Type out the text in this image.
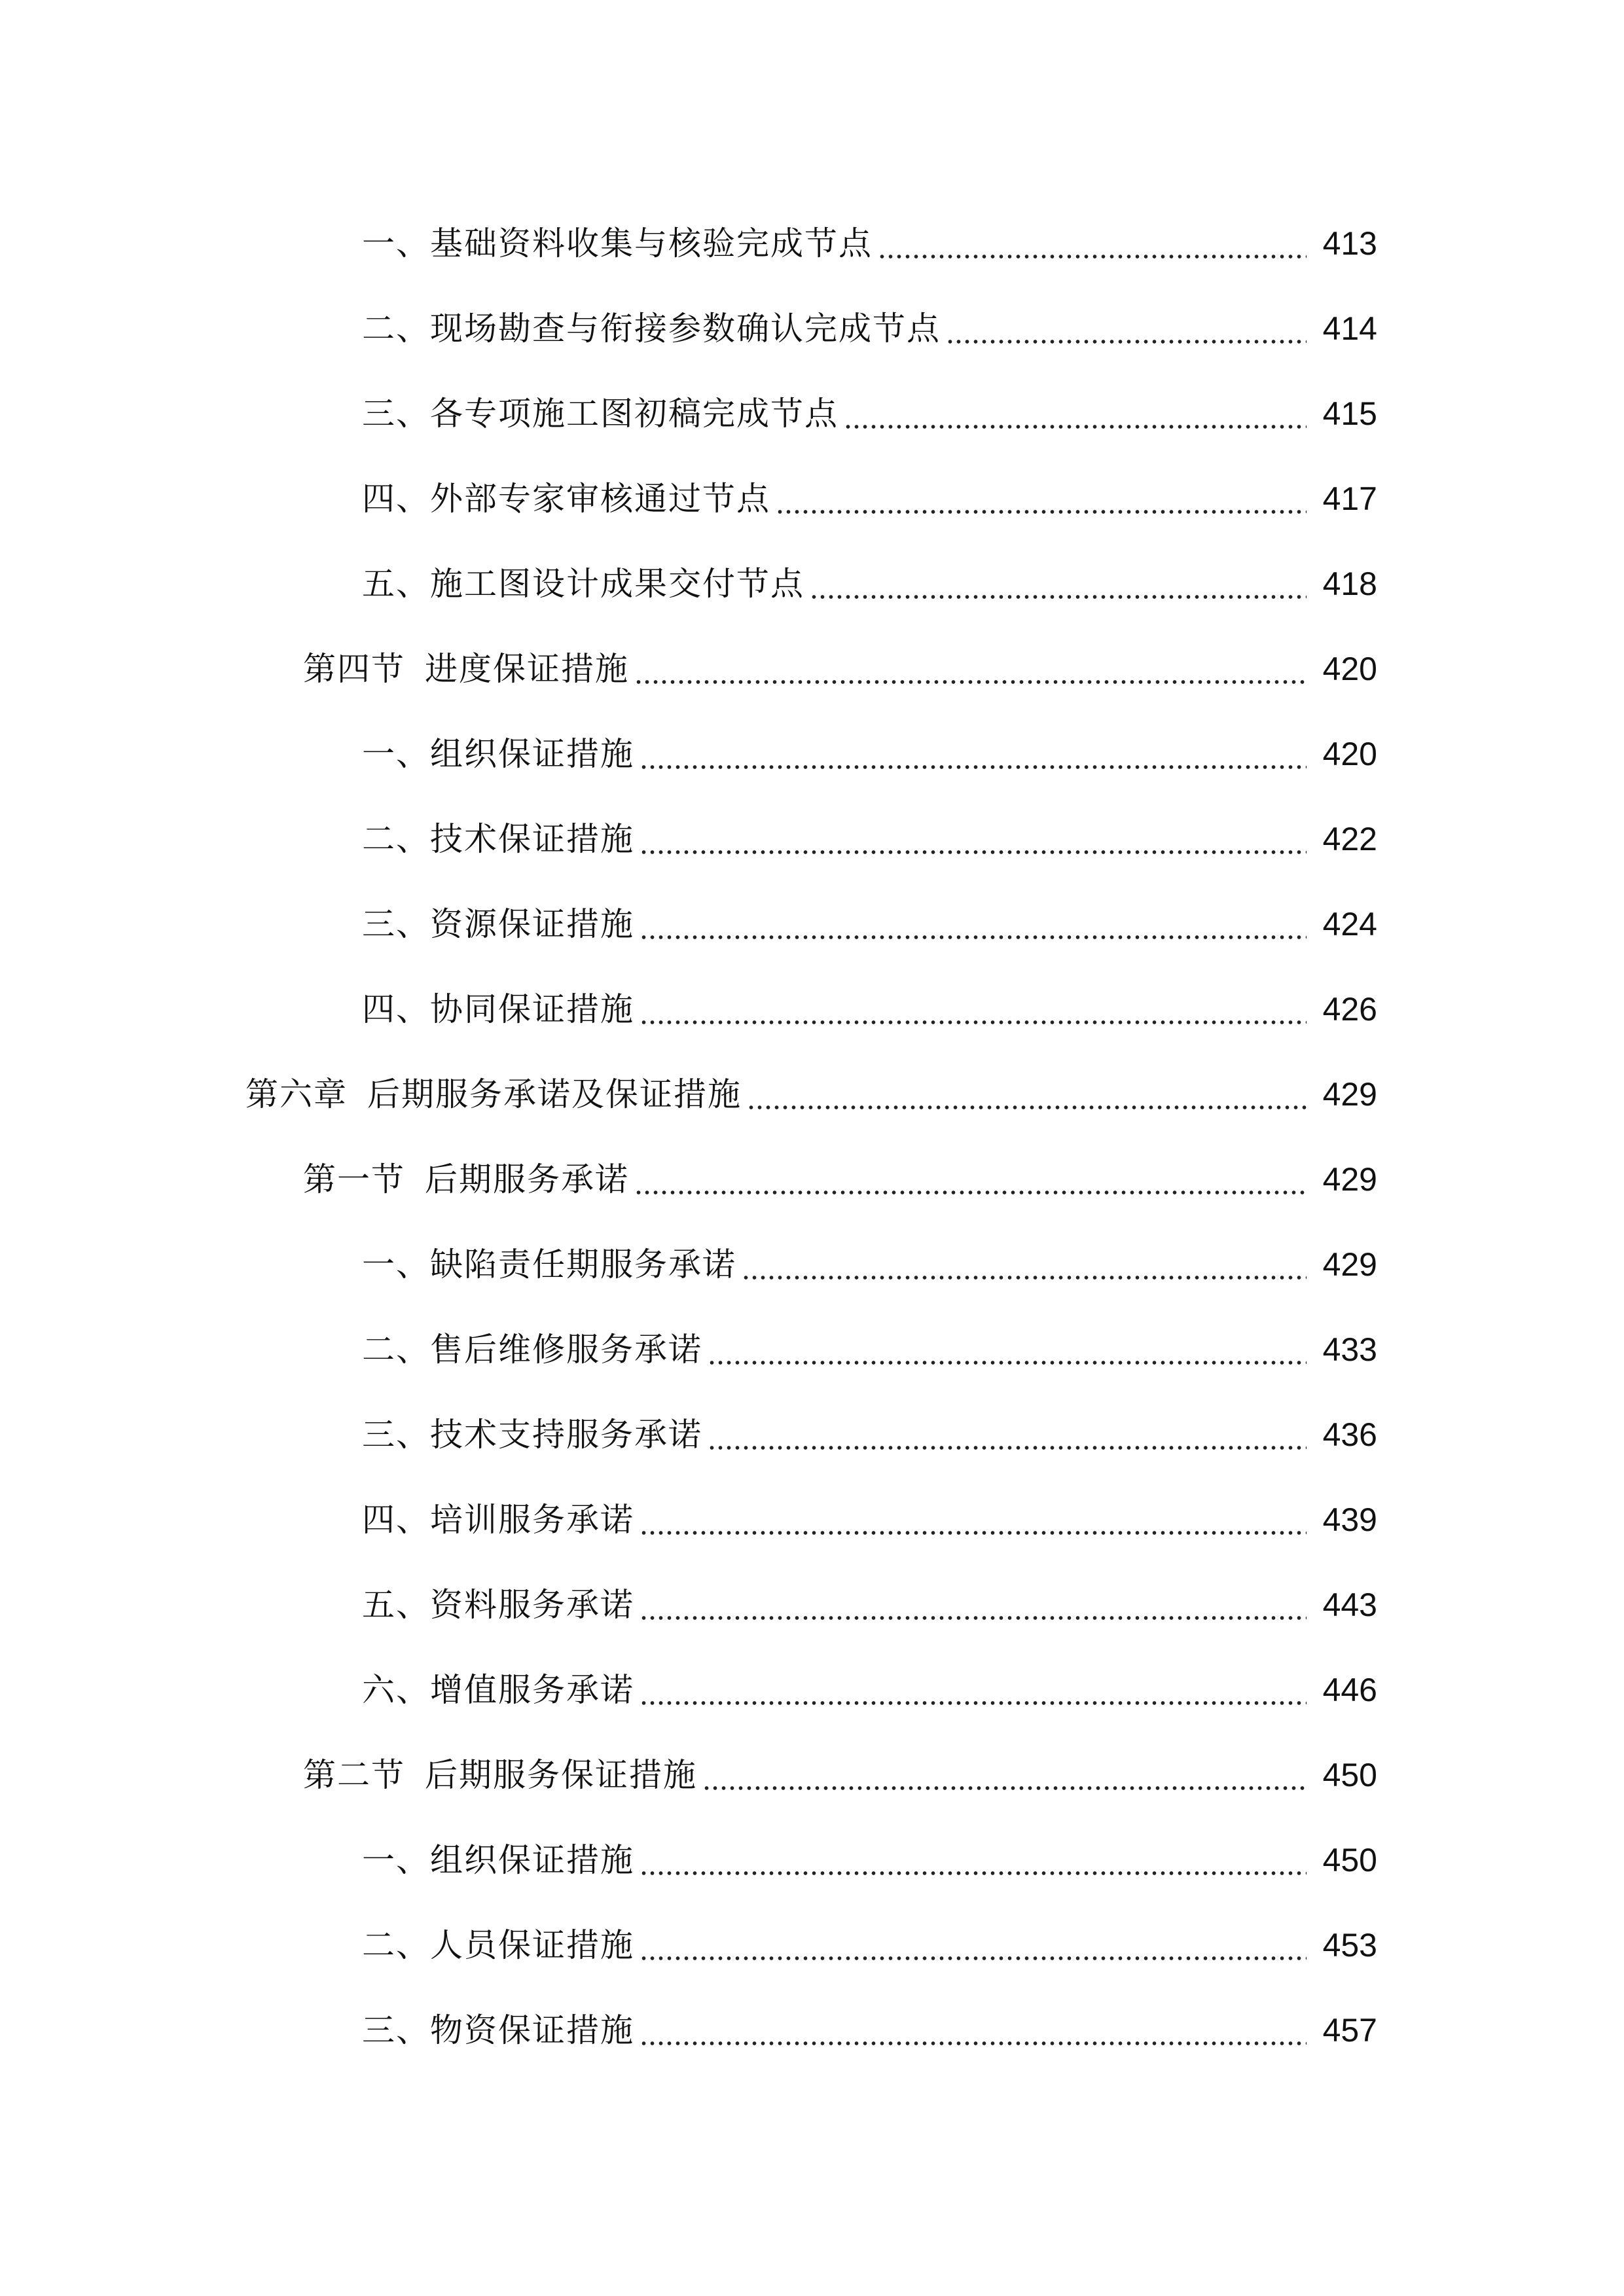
一、基础资料收集与核验完成节点	413
二、现场勘查与衔接参数确认完成节点	414
三、各专项施工图初稿完成节点	415
四、外部专家审核通过节点	417
五、施工图设计成果交付节点	418
第四节 进度保证措施	420
一、组织保证措施	420
二、技术保证措施	422
三、资源保证措施	424
四、协同保证措施	426
第六章 后期服务承诺及保证措施	429
第一节 后期服务承诺	429
一、缺陷责任期服务承诺	429
二、售后维修服务承诺	433
三、技术支持服务承诺	436
四、培训服务承诺	439
五、资料服务承诺	443
六、增值服务承诺	446
第二节 后期服务保证措施	450
一、组织保证措施	450
二、人员保证措施	453
三、物资保证措施	457
